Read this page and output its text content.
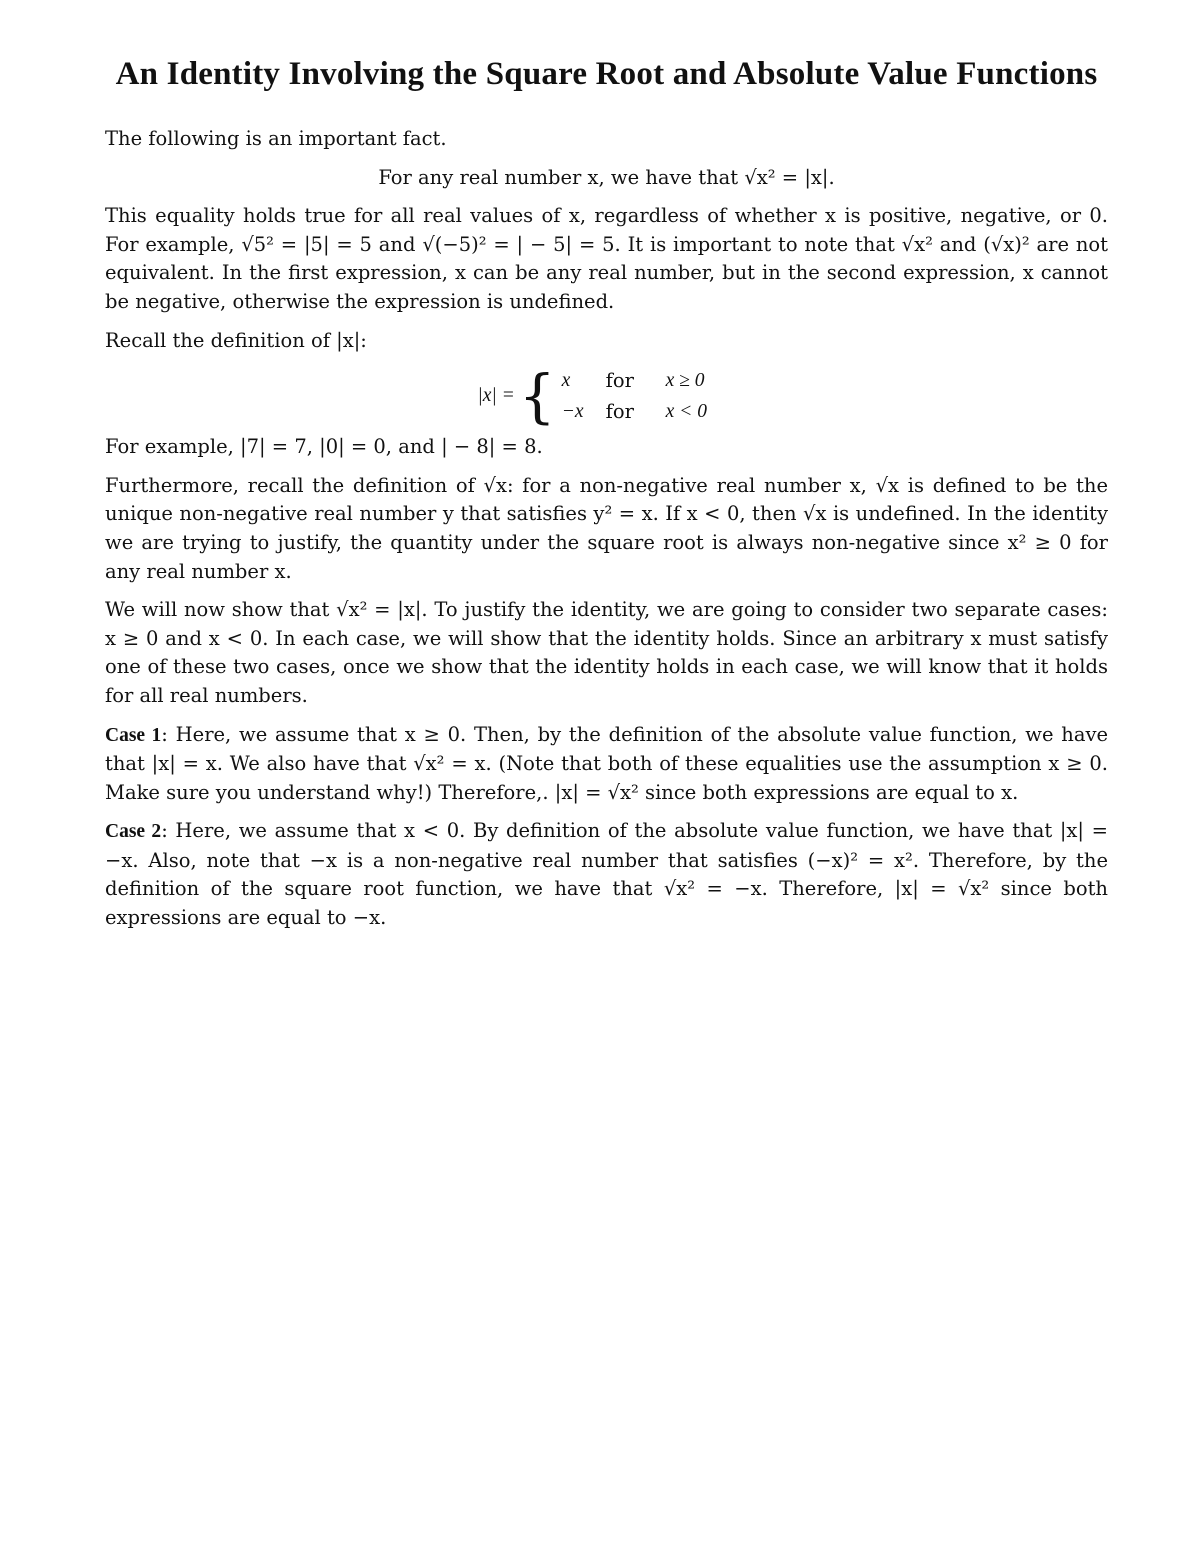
An Identity Involving the Square Root and Absolute Value Functions

The following is an important fact.

For any real number x, we have that √x² = |x|.

This equality holds true for all real values of x, regardless of whether x is positive, negative, or 0. For example, √5² = |5| = 5 and √(−5)² = | − 5| = 5. It is important to note that √x² and (√x)² are not equivalent. In the first expression, x can be any real number, but in the second expression, x cannot be negative, otherwise the expression is undefined.

Recall the definition of |x|:

|x| = { x	for	x ≥ 0
−x	for	x < 0

For example, |7| = 7, |0| = 0, and | − 8| = 8.

Furthermore, recall the definition of √x: for a non-negative real number x, √x is defined to be the unique non-negative real number y that satisfies y² = x. If x < 0, then √x is undefined. In the identity we are trying to justify, the quantity under the square root is always non-negative since x² ≥ 0 for any real number x.

We will now show that √x² = |x|. To justify the identity, we are going to consider two separate cases: x ≥ 0 and x < 0. In each case, we will show that the identity holds. Since an arbitrary x must satisfy one of these two cases, once we show that the identity holds in each case, we will know that it holds for all real numbers.

Case 1: Here, we assume that x ≥ 0. Then, by the definition of the absolute value function, we have that |x| = x. We also have that √x² = x. (Note that both of these equalities use the assumption x ≥ 0. Make sure you understand why!) Therefore,. |x| = √x² since both expressions are equal to x.

Case 2: Here, we assume that x < 0. By definition of the absolute value function, we have that |x| = −x. Also, note that −x is a non-negative real number that satisfies (−x)² = x². Therefore, by the definition of the square root function, we have that √x² = −x. Therefore, |x| = √x² since both expressions are equal to −x.
